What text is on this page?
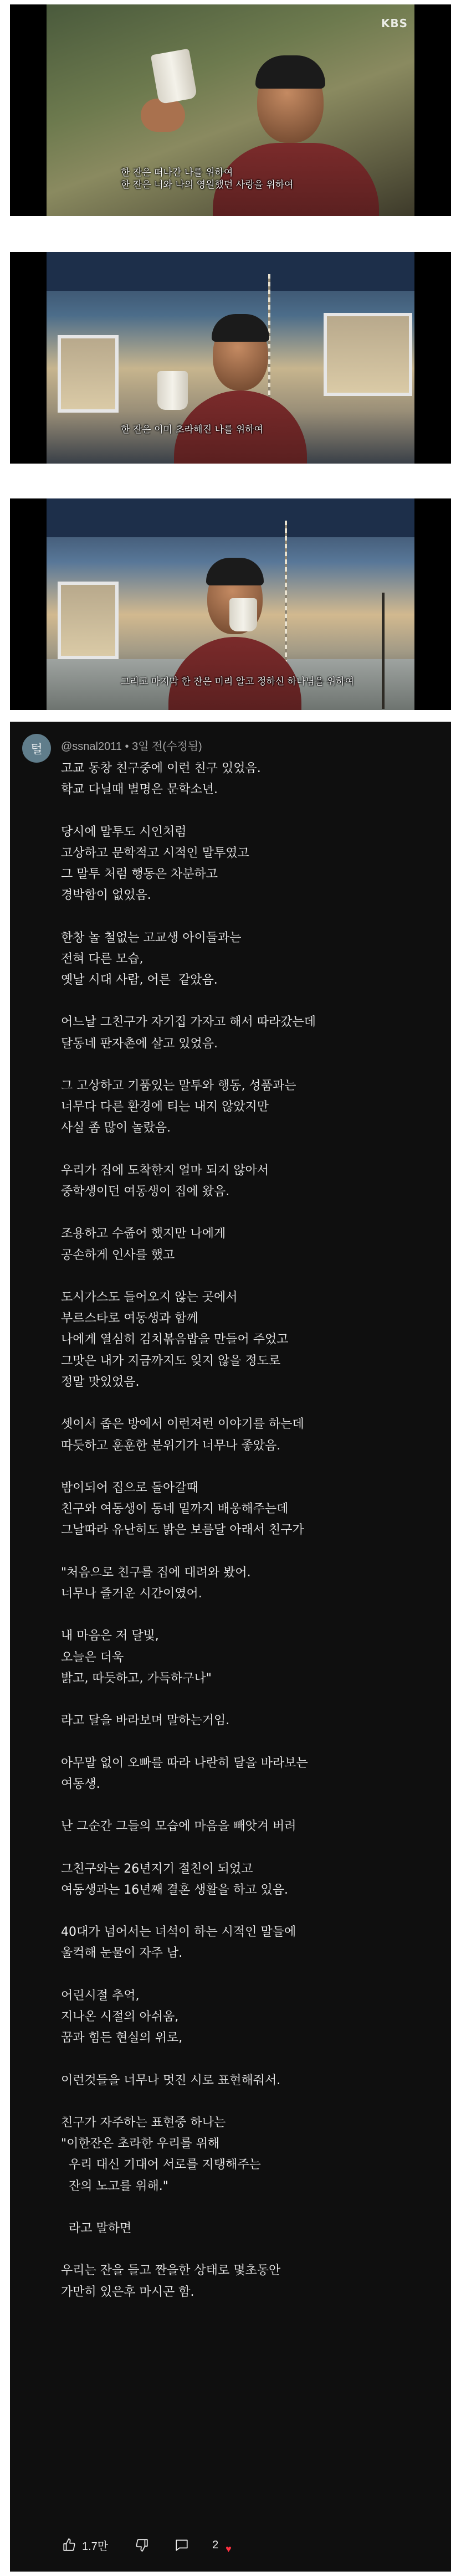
KBS
한 잔은 떠나간 나를 위하여
한 잔은 너와 나의 영원했던 사랑을 위하여
한 잔은 이미 초라해진 나를 위하여
그리고 마지막 한 잔은 미리 알고 정하신 하나님을 위하여
털	@ssnal2011 • 3일 전(수정됨)
고교 동창 친구중에 이런 친구 있었음.
학교 다닐때 별명은 문학소년.

당시에 말투도 시인처럼
고상하고 문학적고 시적인 말투였고
그 말투 처럼 행동은 차분하고
경박함이 없었음.

한창 놀 철없는 고교생 아이들과는
전혀 다른 모습,
옛날 시대 사람, 어른  같았음.

어느날 그친구가 자기집 가자고 해서 따라갔는데
달동네 판자촌에 살고 있었음.

그 고상하고 기품있는 말투와 행동, 성품과는
너무다 다른 환경에 티는 내지 않았지만
사실 좀 많이 놀랐음.

우리가 집에 도착한지 얼마 되지 않아서
중학생이던 여동생이 집에 왔음.

조용하고 수줍어 했지만 나에게
공손하게 인사를 했고

도시가스도 들어오지 않는 곳에서
부르스타로 여동생과 함께
나에게 열심히 김치볶음밥을 만들어 주었고
그맛은 내가 지금까지도 잊지 않을 정도로
정말 맛있었음.

셋이서 좁은 방에서 이런저런 이야기를 하는데
따듯하고 훈훈한 분위기가 너무나 좋았음.

밤이되어 집으로 돌아갈때
친구와 여동생이 동네 밑까지 배웅해주는데
그날따라 유난히도 밝은 보름달 아래서 친구가

"처음으로 친구를 집에 대려와 봤어.
너무나 즐거운 시간이였어.

내 마음은 저 달빛,
오늘은 더욱
밝고, 따듯하고, 가득하구나"

라고 달을 바라보며 말하는거임.

아무말 없이 오빠를 따라 나란히 달을 바라보는
여동생.

난 그순간 그들의 모습에 마음을 빼앗겨 버려

그친구와는 26년지기 절친이 되었고
여동생과는 16년째 결혼 생활을 하고 있음.

40대가 넘어서는 녀석이 하는 시적인 말들에
울컥해 눈물이 자주 남.

어린시절 추억,
지나온 시절의 아쉬움,
꿈과 힘든 현실의 위로,

이런것들을 너무나 멋진 시로 표현해줘서.

친구가 자주하는 표현중 하나는
"이한잔은 초라한 우리를 위해
우리 대신 기대어 서로를 지탱해주는
잔의 노고를 위해."

라고 말하면

우리는 잔을 들고 짠을한 상태로 몇초동안
가만히 있은후 마시곤 함.
1.7만	2 ♥
